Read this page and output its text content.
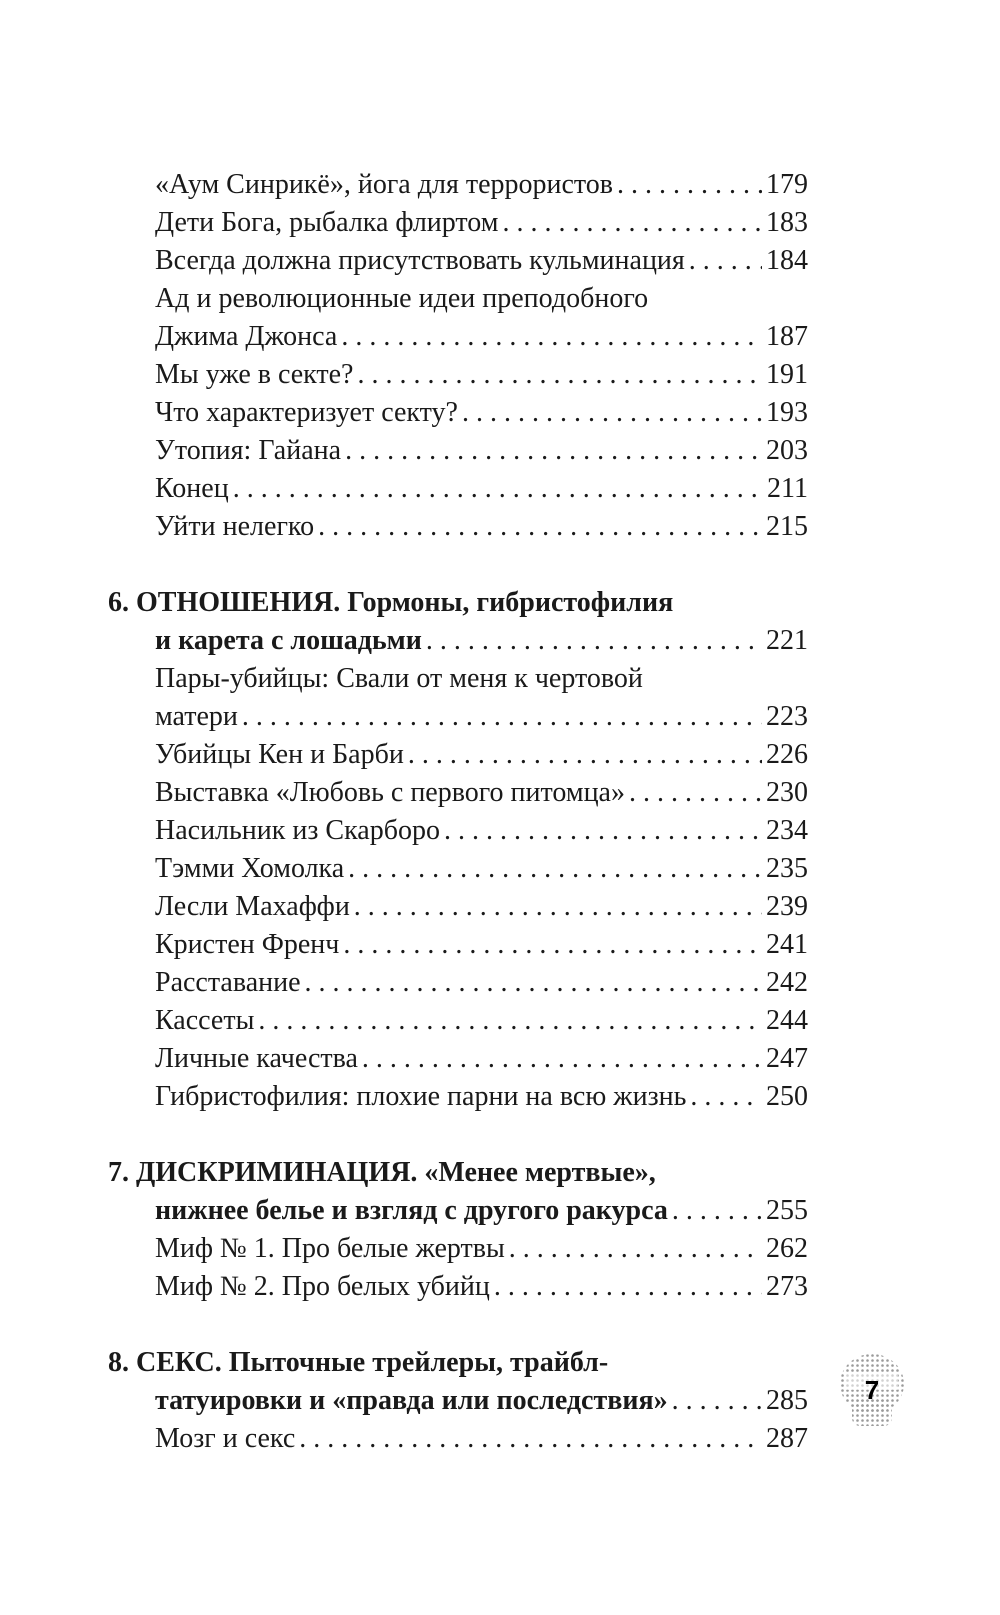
«Аум Синрикё», йога для террористов . . .	179
Дети Бога, рыбалка флиртом . . .	183
Всегда должна присутствовать кульминация . . .	184
Ад и революционные идеи преподобного
Джима Джонса . . .	187
Мы уже в секте? . . .	191
Что характеризует секту? . . .	193
Утопия: Гайана . . .	203
Конец . . .	211
Уйти нелегко . . .	215
6. ОТНОШЕНИЯ. Гормоны, гибристофилия
и карета с лошадьми . . .	221
Пары-убийцы: Свали от меня к чертовой
матери . . .	223
Убийцы Кен и Барби . . .	226
Выставка «Любовь с первого питомца» . . .	230
Насильник из Скарборо . . .	234
Тэмми Хомолка . . .	235
Лесли Махаффи . . .	239
Кристен Френч . . .	241
Расставание . . .	242
Кассеты . . .	244
Личные качества . . .	247
Гибристофилия: плохие парни на всю жизнь . . .	250
7. ДИСКРИМИНАЦИЯ. «Менее мертвые»,
нижнее белье и взгляд с другого ракурса . . .	255
Миф № 1. Про белые жертвы . . .	262
Миф № 2. Про белых убийц . . .	273
8. СЕКС. Пыточные трейлеры, трайбл-
татуировки и «правда или последствия» . . .	285
Мозг и секс . . .	287
7
